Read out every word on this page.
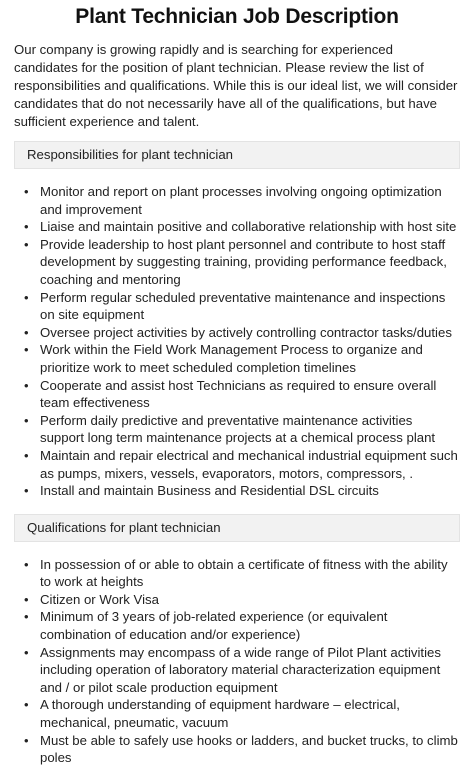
Plant Technician Job Description

Our company is growing rapidly and is searching for experienced candidates for the position of plant technician. Please review the list of responsibilities and qualifications. While this is our ideal list, we will consider candidates that do not necessarily have all of the qualifications, but have sufficient experience and talent.

Responsibilities for plant technician
• Monitor and report on plant processes involving ongoing optimization and improvement
• Liaise and maintain positive and collaborative relationship with host site
• Provide leadership to host plant personnel and contribute to host staff development by suggesting training, providing performance feedback, coaching and mentoring
• Perform regular scheduled preventative maintenance and inspections on site equipment
• Oversee project activities by actively controlling contractor tasks/duties
• Work within the Field Work Management Process to organize and prioritize work to meet scheduled completion timelines
• Cooperate and assist host Technicians as required to ensure overall team effectiveness
• Perform daily predictive and preventative maintenance activities support long term maintenance projects at a chemical process plant
• Maintain and repair electrical and mechanical industrial equipment such as pumps, mixers, vessels, evaporators, motors, compressors, .
• Install and maintain Business and Residential DSL circuits
Qualifications for plant technician
• In possession of or able to obtain a certificate of fitness with the ability to work at heights
• Citizen or Work Visa
• Minimum of 3 years of job-related experience (or equivalent combination of education and/or experience)
• Assignments may encompass of a wide range of Pilot Plant activities including operation of laboratory material characterization equipment and / or pilot scale production equipment
• A thorough understanding of equipment hardware – electrical, mechanical, pneumatic, vacuum
• Must be able to safely use hooks or ladders, and bucket trucks, to climb poles
